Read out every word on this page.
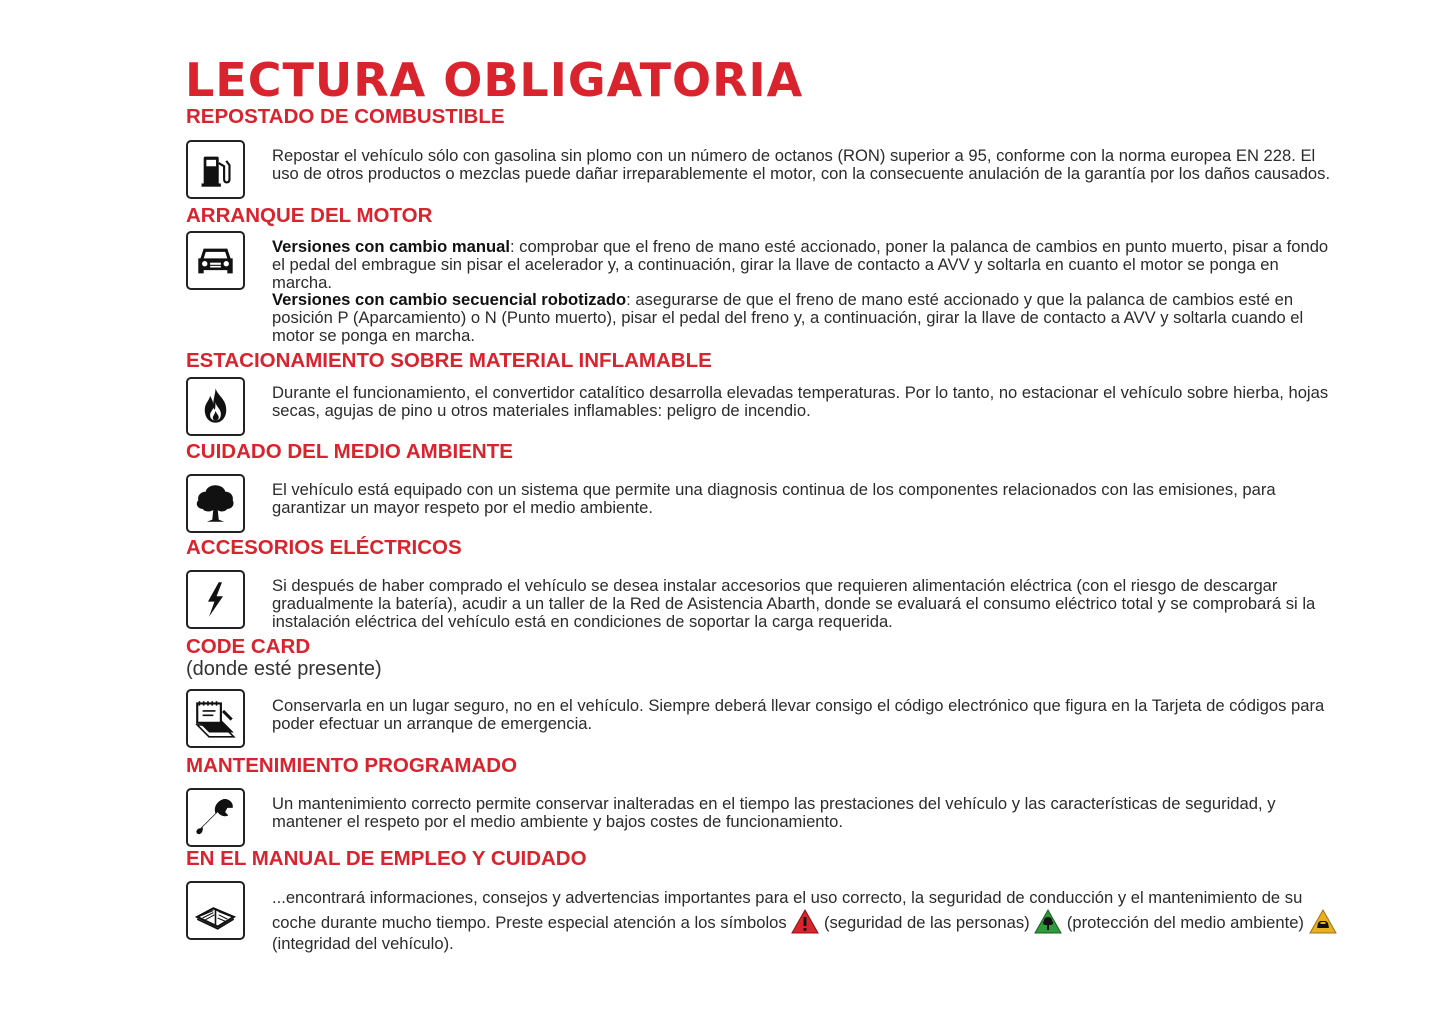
LECTURA OBLIGATORIA
REPOSTADO DE COMBUSTIBLE
Repostar el vehículo sólo con gasolina sin plomo con un número de octanos (RON) superior a 95, conforme con la norma europea EN 228. El uso de otros productos o mezclas puede dañar irreparablemente el motor, con la consecuente anulación de la garantía por los daños causados.
ARRANQUE DEL MOTOR
Versiones con cambio manual: comprobar que el freno de mano esté accionado, poner la palanca de cambios en punto muerto, pisar a fondo el pedal del embrague sin pisar el acelerador y, a continuación, girar la llave de contacto a AVV y soltarla en cuanto el motor se ponga en marcha.
Versiones con cambio secuencial robotizado: asegurarse de que el freno de mano esté accionado y que la palanca de cambios esté en posición P (Aparcamiento) o N (Punto muerto), pisar el pedal del freno y, a continuación, girar la llave de contacto a AVV y soltarla cuando el motor se ponga en marcha.
ESTACIONAMIENTO SOBRE MATERIAL INFLAMABLE
Durante el funcionamiento, el convertidor catalítico desarrolla elevadas temperaturas. Por lo tanto, no estacionar el vehículo sobre hierba, hojas secas, agujas de pino u otros materiales inflamables: peligro de incendio.
CUIDADO DEL MEDIO AMBIENTE
El vehículo está equipado con un sistema que permite una diagnosis continua de los componentes relacionados con las emisiones, para garantizar un mayor respeto por el medio ambiente.
ACCESORIOS ELÉCTRICOS
Si después de haber comprado el vehículo se desea instalar accesorios que requieren alimentación eléctrica (con el riesgo de descargar gradualmente la batería), acudir a un taller de la Red de Asistencia Abarth, donde se evaluará el consumo eléctrico total y se comprobará si la instalación eléctrica del vehículo está en condiciones de soportar la carga requerida.
CODE CARD
(donde esté presente)
Conservarla en un lugar seguro, no en el vehículo. Siempre deberá llevar consigo el código electrónico que figura en la Tarjeta de códigos para poder efectuar un arranque de emergencia.
MANTENIMIENTO PROGRAMADO
Un mantenimiento correcto permite conservar inalteradas en el tiempo las prestaciones del vehículo y las características de seguridad, y mantener el respeto por el medio ambiente y bajos costes de funcionamiento.
EN EL MANUAL DE EMPLEO Y CUIDADO
...encontrará informaciones, consejos y advertencias importantes para el uso correcto, la seguridad de conducción y el mantenimiento de su coche durante mucho tiempo. Preste especial atención a los símbolos (seguridad de las personas) (protección del medio ambiente)  (integridad del vehículo).
